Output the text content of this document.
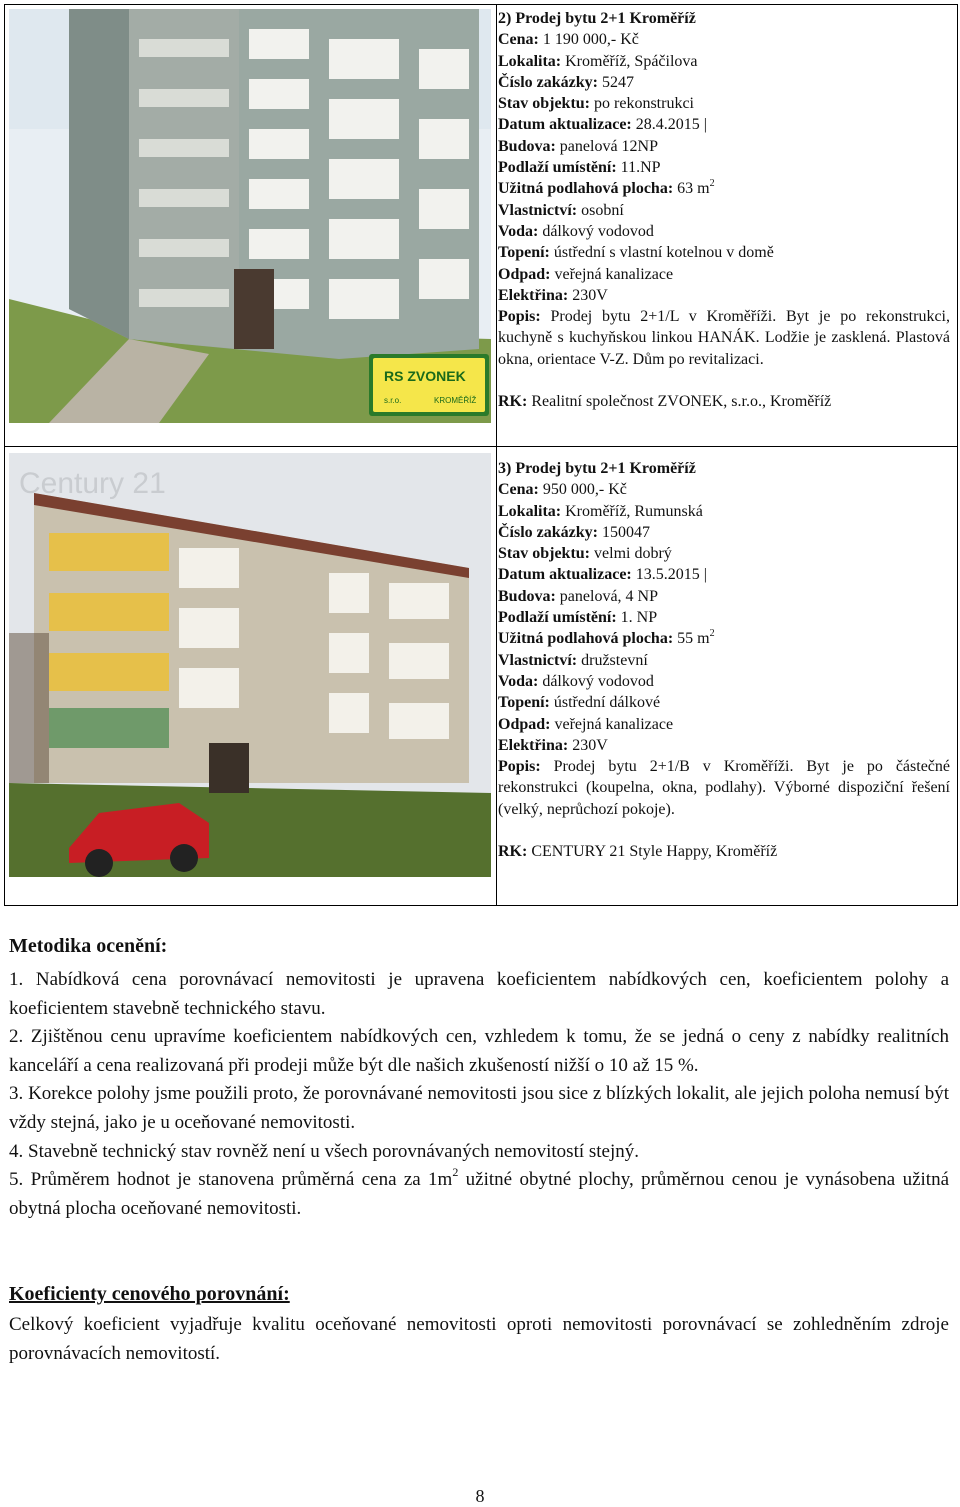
RS ZVONEK
s.r.o.	KROMĚŘÍŽ
2) Prodej bytu 2+1 Kroměříž
Cena: 1 190 000,- Kč
Lokalita: Kroměříž, Spáčilova
Číslo zakázky: 5247
Stav objektu: po rekonstrukci
Datum aktualizace: 28.4.2015 |
Budova: panelová 12NP
Podlaží umístění: 11.NP
Užitná podlahová plocha: 63 $m^2$
Vlastnictví: osobní
Voda: dálkový vodovod
Topení: ústřední s vlastní kotelnou v domě
Odpad: veřejná kanalizace
Elektřina: 230V
Popis: Prodej bytu 2+1/L v Kroměříži. Byt je po rekonstrukci, kuchyně s kuchyňskou linkou HANÁK. Lodžie je zasklená. Plastová okna, orientace V-Z. Dům po revitalizaci.
RK: Realitní společnost ZVONEK, s.r.o., Kroměříž
Century 21	3) Prodej bytu 2+1 Kroměříž
Cena: 950 000,- Kč
Lokalita: Kroměříž, Rumunská
Číslo zakázky: 150047
Stav objektu: velmi dobrý
Datum aktualizace: 13.5.2015 |
Budova: panelová, 4 NP
Podlaží umístění: 1. NP
Užitná podlahová plocha: 55 $m^2$
Vlastnictví: družstevní
Voda: dálkový vodovod
Topení: ústřední dálkové
Odpad: veřejná kanalizace
Elektřina: 230V
Popis: Prodej bytu 2+1/B v Kroměříži. Byt je po částečné rekonstrukci (koupelna, okna, podlahy). Výborné dispoziční řešení (velký, neprůchozí pokoje).
RK: CENTURY 21 Style Happy, Kroměříž
Metodika ocenění:

1. Nabídková cena porovnávací nemovitosti je upravena koeficientem nabídkových cen, koeficientem polohy a koeficientem stavebně technického stavu.

2. Zjištěnou cenu upravíme koeficientem nabídkových cen, vzhledem k tomu, že se jedná o ceny z nabídky realitních kanceláří a cena realizovaná při prodeji může být dle našich zkušeností nižší o 10 až 15 %.

3. Korekce polohy jsme použili proto, že porovnávané nemovitosti jsou sice z blízkých lokalit, ale jejich poloha nemusí být vždy stejná, jako je u oceňované nemovitosti.

4. Stavebně technický stav rovněž není u všech porovnávaných nemovitostí stejný.

5. Průměrem hodnot je stanovena průměrná cena za $1m^2$ užitné obytné plochy, průměrnou cenou je vynásobena užitná obytná plocha oceňované nemovitosti.

Koeficienty cenového porovnání:

Celkový koeficient vyjadřuje kvalitu oceňované nemovitosti oproti nemovitosti porovnávací se zohledněním zdroje porovnávacích nemovitostí.

8
